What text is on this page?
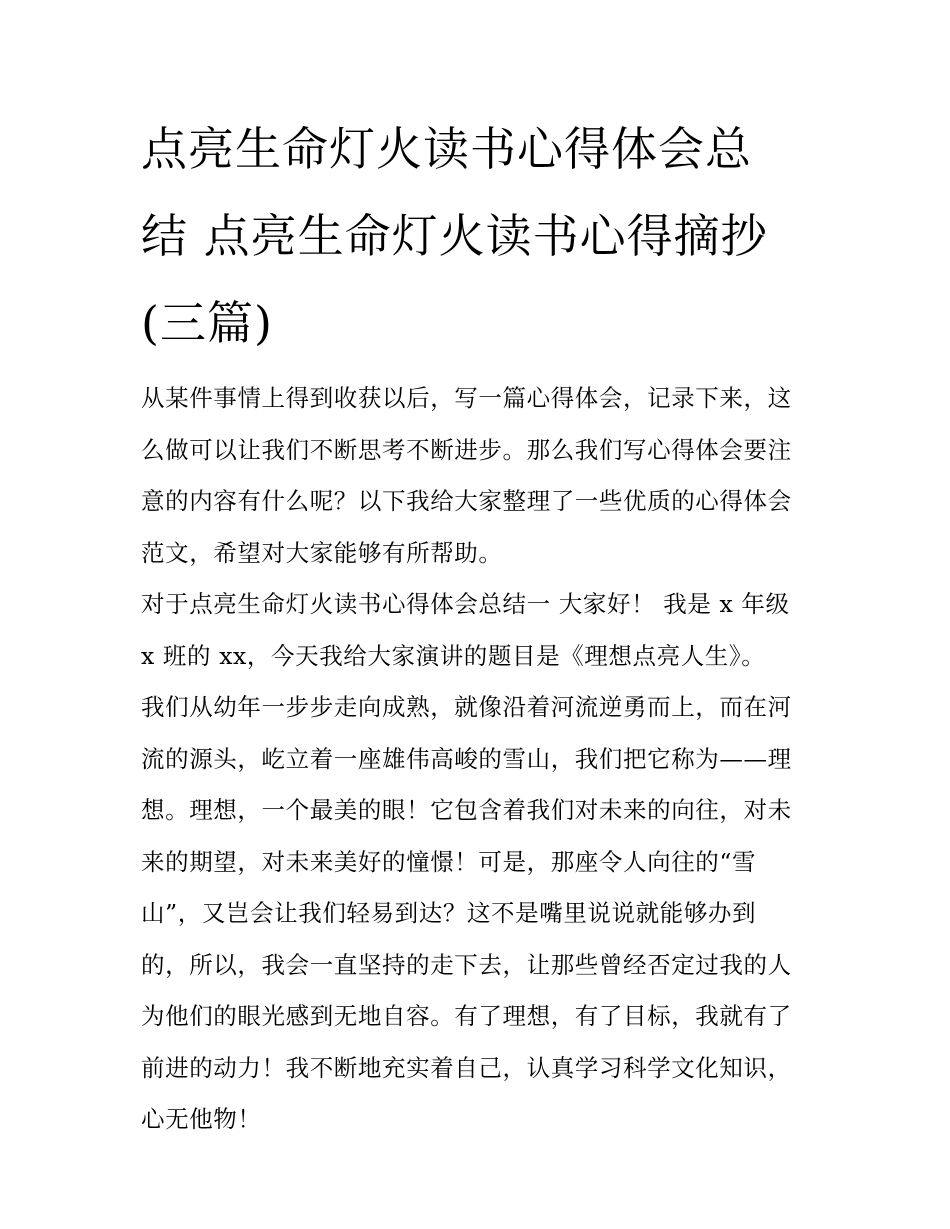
点亮生命灯火读书心得体会总
结 点亮生命灯火读书心得摘抄
(三篇)

从某件事情上得到收获以后，写一篇心得体会，记录下来，这
么做可以让我们不断思考不断进步。那么我们写心得体会要注
意的内容有什么呢？以下我给大家整理了一些优质的心得体会
范文，希望对大家能够有所帮助。

对于点亮生命灯火读书心得体会总结一 大家好！ 我是 x 年级
x 班的 xx，今天我给大家演讲的题目是《理想点亮人生》。

我们从幼年一步步走向成熟，就像沿着河流逆勇而上，而在河
流的源头，屹立着一座雄伟高峻的雪山，我们把它称为——理
想。理想，一个最美的眼！它包含着我们对未来的向往，对未
来的期望，对未来美好的憧憬！可是，那座令人向往的“雪
山”，又岂会让我们轻易到达？这不是嘴里说说就能够办到
的，所以，我会一直坚持的走下去，让那些曾经否定过我的人
为他们的眼光感到无地自容。有了理想，有了目标，我就有了
前进的动力！我不断地充实着自己，认真学习科学文化知识，
心无他物！
